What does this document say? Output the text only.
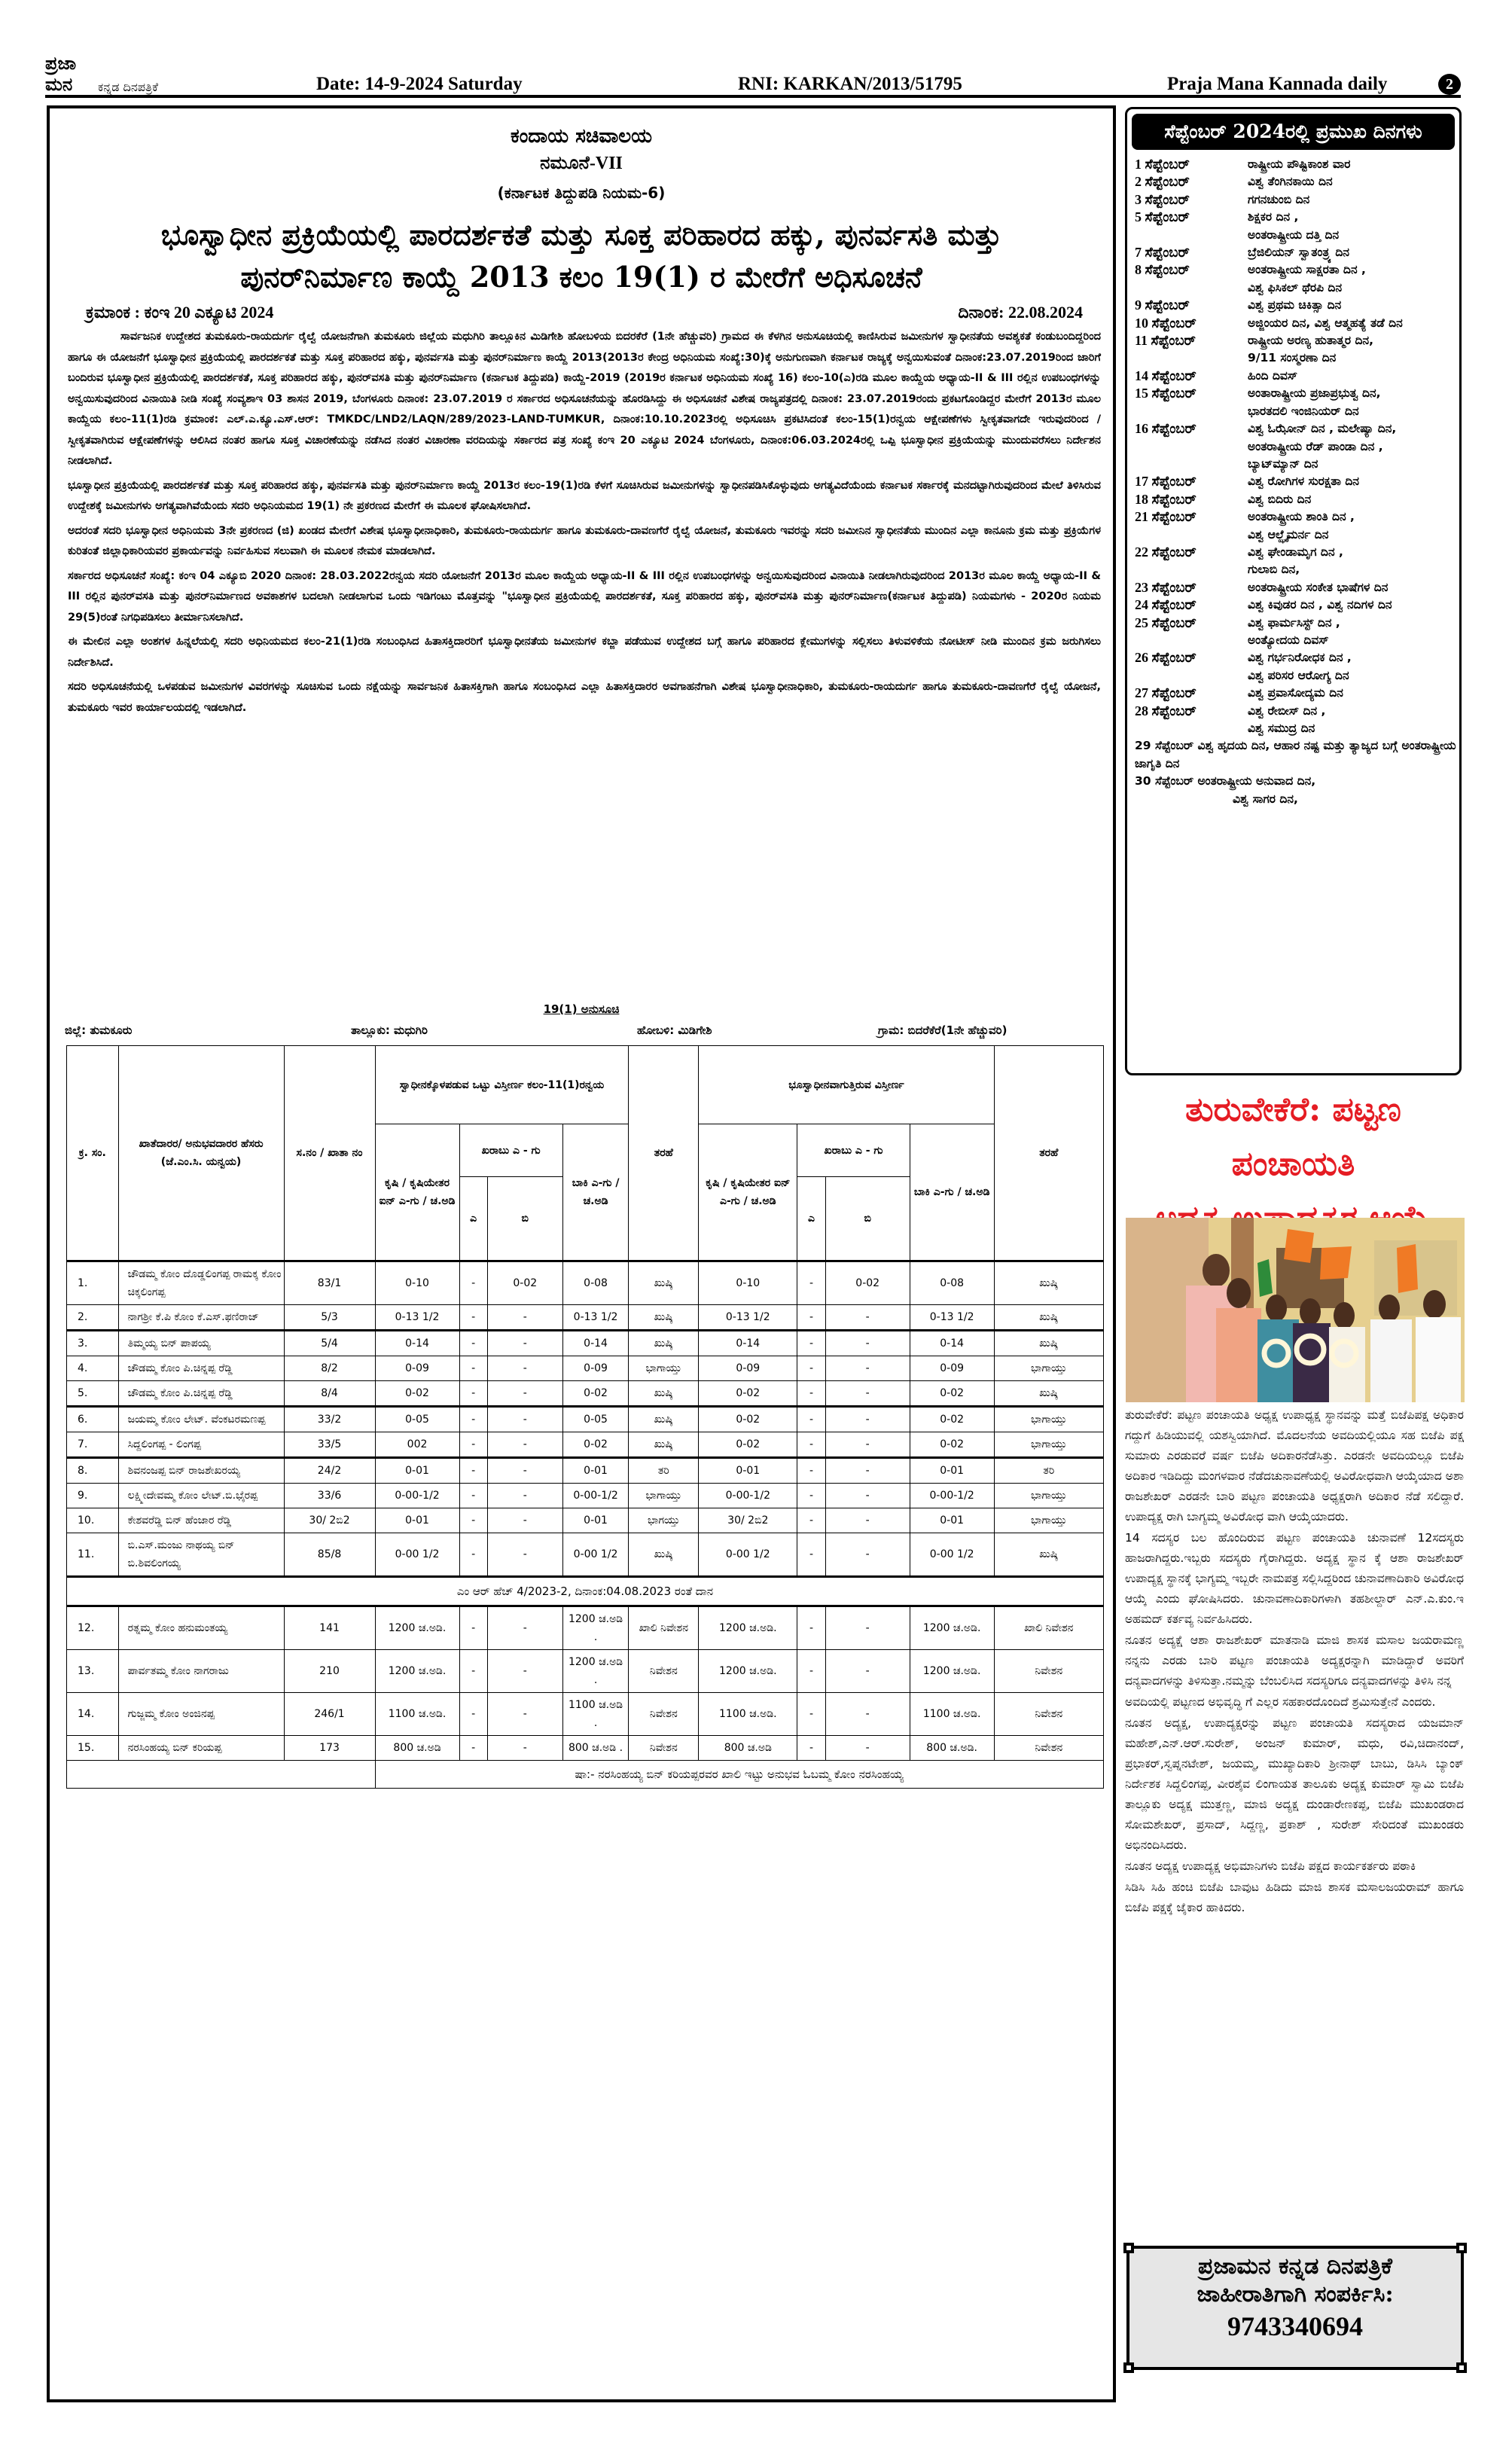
ಪ್ರಜಾ ಮನ	ಕನ್ನಡ ದಿನಪತ್ರಿಕೆ	Date: 14-9-2024 Saturday	RNI: KARKAN/2013/51795	Praja Mana Kannada daily	2
ಕಂದಾಯ ಸಚಿವಾಲಯ
ನಮೂನೆ-VII
(ಕರ್ನಾಟಕ ತಿದ್ದುಪಡಿ ನಿಯಮ-6)
ಭೂಸ್ವಾಧೀನ ಪ್ರಕ್ರಿಯೆಯಲ್ಲಿ ಪಾರದರ್ಶಕತೆ ಮತ್ತು ಸೂಕ್ತ ಪರಿಹಾರದ ಹಕ್ಕು, ಪುನರ್ವಸತಿ ಮತ್ತು
ಪುನರ್‌ನಿರ್ಮಾಣ ಕಾಯ್ದೆ 2013 ಕಲಂ 19(1) ರ ಮೇರೆಗೆ ಅಧಿಸೂಚನೆ
ಕ್ರಮಾಂಕ : ಕಂಇ 20 ಎಕ್ಯೂಟಿ 2024	ದಿನಾಂಕ: 22.08.2024

ಸಾರ್ವಜನಿಕ ಉದ್ದೇಶದ ತುಮಕೂರು-ರಾಯದುರ್ಗ ರೈಲ್ವೆ ಯೋಜನೆಗಾಗಿ ತುಮಕೂರು ಜಿಲ್ಲೆಯ ಮಧುಗಿರಿ ತಾಲ್ಲೂಕಿನ ಮಿಡಿಗೇಶಿ ಹೋಬಳಿಯ ಬಿದರಕೆರೆ (1ನೇ ಹೆಚ್ಚುವರಿ) ಗ್ರಾಮದ ಈ ಕೆಳಗಿನ ಅನುಸೂಚಿಯಲ್ಲಿ ಕಾಣಿಸಿರುವ ಜಮೀನುಗಳ ಸ್ವಾಧೀನತೆಯ ಅವಶ್ಯಕತೆ ಕಂಡುಬಂದಿದ್ದರಿಂದ ಹಾಗೂ ಈ ಯೋಜನೆಗೆ ಭೂಸ್ವಾಧೀನ ಪ್ರಕ್ರಿಯೆಯಲ್ಲಿ ಪಾರದರ್ಶಕತೆ ಮತ್ತು ಸೂಕ್ತ ಪರಿಹಾರದ ಹಕ್ಕು, ಪುನರ್ವಸತಿ ಮತ್ತು ಪುನರ್‌ನಿರ್ಮಾಣ ಕಾಯ್ದೆ 2013(2013ರ ಕೇಂದ್ರ ಅಧಿನಿಯಮ ಸಂಖ್ಯೆ:30)ಕ್ಕೆ ಅನುಗುಣವಾಗಿ ಕರ್ನಾಟಕ ರಾಜ್ಯಕ್ಕೆ ಅನ್ವಯಿಸುವಂತೆ ದಿನಾಂಕ:23.07.2019ರಿಂದ ಜಾರಿಗೆ ಬಂದಿರುವ ಭೂಸ್ವಾಧೀನ ಪ್ರಕ್ರಿಯೆಯಲ್ಲಿ ಪಾರದರ್ಶಕತೆ, ಸೂಕ್ತ ಪರಿಹಾರದ ಹಕ್ಕು, ಪುನರ್‌ವಸತಿ ಮತ್ತು ಪುನರ್‌ನಿರ್ಮಾಣ (ಕರ್ನಾಟಕ ತಿದ್ದುಪಡಿ) ಕಾಯ್ದೆ-2019 (2019ರ ಕರ್ನಾಟಕ ಅಧಿನಿಯಮ ಸಂಖ್ಯೆ 16) ಕಲಂ-10(ಎ)ರಡಿ ಮೂಲ ಕಾಯ್ದೆಯ ಅಧ್ಯಾಯ-II & III ರಲ್ಲಿನ ಉಪಬಂಧಗಳನ್ನು ಅನ್ವಯಿಸುವುದರಿಂದ ವಿನಾಯಿತಿ ನೀಡಿ ಸಂಖ್ಯೆ ಸಂವ್ಯಶಾಇ 03 ಶಾಸನ 2019, ಬೆಂಗಳೂರು ದಿನಾಂಕ: 23.07.2019 ರ ಸರ್ಕಾರದ ಅಧಿಸೂಚನೆಯನ್ನು ಹೊರಡಿಸಿದ್ದು ಈ ಅಧಿಸೂಚನೆ ವಿಶೇಷ ರಾಜ್ಯಪತ್ರದಲ್ಲಿ ದಿನಾಂಕ: 23.07.2019ರಂದು ಪ್ರಕಟಗೊಂಡಿದ್ದರ ಮೇರೆಗೆ 2013ರ ಮೂಲ ಕಾಯ್ದೆಯ ಕಲಂ-11(1)ರಡಿ ಕ್ರಮಾಂಕ: ಎಲ್.ಎ.ಕ್ಯೂ.ಎಸ್.ಆರ್: TMKDC/LND2/LAQN/289/2023-LAND-TUMKUR, ದಿನಾಂಕ:10.10.2023ರಲ್ಲಿ ಅಧಿಸೂಚಿಸಿ ಪ್ರಕಟಿಸಿದಂತೆ ಕಲಂ-15(1)ರನ್ವಯ ಆಕ್ಷೇಪಣೆಗಳು ಸ್ವೀಕೃತವಾಗದೇ ಇರುವುದರಿಂದ / ಸ್ವೀಕೃತವಾಗಿರುವ ಆಕ್ಷೇಪಣೆಗಳನ್ನು ಆಲಿಸಿದ ನಂತರ ಹಾಗೂ ಸೂಕ್ತ ವಿಚಾರಣೆಯನ್ನು ನಡೆಸಿದ ನಂತರ ವಿಚಾರಣಾ ವರದಿಯನ್ನು ಸರ್ಕಾರದ ಪತ್ರ ಸಂಖ್ಯೆ ಕಂಇ 20 ಎಕ್ಯೂಟಿ 2024 ಬೆಂಗಳೂರು, ದಿನಾಂಕ:06.03.2024ರಲ್ಲಿ ಒಪ್ಪಿ ಭೂಸ್ವಾಧೀನ ಪ್ರಕ್ರಿಯೆಯನ್ನು ಮುಂದುವರೆಸಲು ನಿರ್ದೇಶನ ನೀಡಲಾಗಿದೆ.

ಭೂಸ್ವಾಧೀನ ಪ್ರಕ್ರಿಯೆಯಲ್ಲಿ ಪಾರದರ್ಶಕತೆ ಮತ್ತು ಸೂಕ್ತ ಪರಿಹಾರದ ಹಕ್ಕು, ಪುನರ್ವಸತಿ ಮತ್ತು ಪುನರ್‌ನಿರ್ಮಾಣ ಕಾಯ್ದೆ 2013ರ ಕಲಂ-19(1)ರಡಿ ಕೆಳಗೆ ಸೂಚಿಸಿರುವ ಜಮೀನುಗಳನ್ನು ಸ್ವಾಧೀನಪಡಿಸಿಕೊಳ್ಳುವುದು ಅಗತ್ಯವಿದೆಯೆಂದು ಕರ್ನಾಟಕ ಸರ್ಕಾರಕ್ಕೆ ಮನದಟ್ಟಾಗಿರುವುದರಿಂದ ಮೇಲೆ ತಿಳಿಸಿರುವ ಉದ್ದೇಶಕ್ಕೆ ಜಮೀನುಗಳು ಅಗತ್ಯವಾಗಿವೆಯೆಂದು ಸದರಿ ಅಧಿನಿಯಮದ 19(1) ನೇ ಪ್ರಕರಣದ ಮೇರೆಗೆ ಈ ಮೂಲಕ ಘೋಷಿಸಲಾಗಿದೆ.

ಅದರಂತೆ ಸದರಿ ಭೂಸ್ವಾಧೀನ ಅಧಿನಿಯಮ 3ನೇ ಪ್ರಕರಣದ (ಜಿ) ಖಂಡದ ಮೇರೆಗೆ ವಿಶೇಷ ಭೂಸ್ವಾಧೀನಾಧಿಕಾರಿ, ತುಮಕೂರು-ರಾಯದುರ್ಗ ಹಾಗೂ ತುಮಕೂರು-ದಾವಣಗೆರೆ ರೈಲ್ವೆ ಯೋಜನೆ, ತುಮಕೂರು ಇವರನ್ನು ಸದರಿ ಜಮೀನಿನ ಸ್ವಾಧೀನತೆಯ ಮುಂದಿನ ಎಲ್ಲಾ ಕಾನೂನು ಕ್ರಮ ಮತ್ತು ಪ್ರಕ್ರಿಯೆಗಳ ಕುರಿತಂತೆ ಜಿಲ್ಲಾಧಿಕಾರಿಯವರ ಪ್ರಕಾರ್ಯವನ್ನು ನಿರ್ವಹಿಸುವ ಸಲುವಾಗಿ ಈ ಮೂಲಕ ನೇಮಕ ಮಾಡಲಾಗಿದೆ.

ಸರ್ಕಾರದ ಅಧಿಸೂಚನೆ ಸಂಖ್ಯೆ: ಕಂಇ 04 ಎಕ್ಯೂಬಿ 2020 ದಿನಾಂಕ: 28.03.2022ರನ್ವಯ ಸದರಿ ಯೋಜನೆಗೆ 2013ರ ಮೂಲ ಕಾಯ್ದೆಯ ಅಧ್ಯಾಯ-II & III ರಲ್ಲಿನ ಉಪಬಂಧಗಳನ್ನು ಅನ್ವಯಿಸುವುದರಿಂದ ವಿನಾಯಿತಿ ನೀಡಲಾಗಿರುವುದರಿಂದ 2013ರ ಮೂಲ ಕಾಯ್ದೆ ಅಧ್ಯಾಯ-II & III ರಲ್ಲಿನ ಪುನರ್‌ವಸತಿ ಮತ್ತು ಪುನರ್‌ನಿರ್ಮಾಣದ ಅವಕಾಶಗಳ ಬದಲಾಗಿ ನೀಡಲಾಗುವ ಒಂದು ಇಡಿಗಂಟು ಮೊತ್ತವನ್ನು "ಭೂಸ್ವಾಧೀನ ಪ್ರಕ್ರಿಯೆಯಲ್ಲಿ ಪಾರದರ್ಶಕತೆ, ಸೂಕ್ತ ಪರಿಹಾರದ ಹಕ್ಕು, ಪುನರ್‌ವಸತಿ ಮತ್ತು ಪುನರ್‌ನಿರ್ಮಾಣ(ಕರ್ನಾಟಕ ತಿದ್ದುಪಡಿ) ನಿಯಮಗಳು - 2020ರ ನಿಯಮ 29(5)ರಂತೆ ನಿಗಧಿಪಡಿಸಲು ತೀರ್ಮಾನಿಸಲಾಗಿದೆ.

ಈ ಮೇಲಿನ ಎಲ್ಲಾ ಅಂಶಗಳ ಹಿನ್ನಲೆಯಲ್ಲಿ ಸದರಿ ಅಧಿನಿಯಮದ ಕಲಂ-21(1)ರಡಿ ಸಂಬಂಧಿಸಿದ ಹಿತಾಸಕ್ತಿದಾರರಿಗೆ ಭೂಸ್ವಾಧೀನತೆಯ ಜಮೀನುಗಳ ಕಬ್ಜಾ ಪಡೆಯುವ ಉದ್ದೇಶದ ಬಗ್ಗೆ ಹಾಗೂ ಪರಿಹಾರದ ಕ್ಲೇಮುಗಳನ್ನು ಸಲ್ಲಿಸಲು ತಿಳುವಳಿಕೆಯ ನೋಟೀಸ್ ನೀಡಿ ಮುಂದಿನ ಕ್ರಮ ಜರುಗಿಸಲು ನಿರ್ದೇಶಿಸಿದೆ.

ಸದರಿ ಅಧಿಸೂಚನೆಯಲ್ಲಿ ಒಳಪಡುವ ಜಮೀನುಗಳ ವಿವರಗಳನ್ನು ಸೂಚಿಸುವ ಒಂದು ನಕ್ಷೆಯನ್ನು ಸಾರ್ವಜನಿಕ ಹಿತಾಸಕ್ತಿಗಾಗಿ ಹಾಗೂ ಸಂಬಂಧಿಸಿದ ಎಲ್ಲಾ ಹಿತಾಸಕ್ತಿದಾರರ ಅವಗಾಹನೆಗಾಗಿ ವಿಶೇಷ ಭೂಸ್ವಾಧೀನಾಧಿಕಾರಿ, ತುಮಕೂರು-ರಾಯದುರ್ಗ ಹಾಗೂ ತುಮಕೂರು-ದಾವಣಗೆರೆ ರೈಲ್ವೆ ಯೋಜನೆ, ತುಮಕೂರು ಇವರ ಕಾರ್ಯಾಲಯದಲ್ಲಿ ಇಡಲಾಗಿದೆ.

19(1) ಅನುಸೂಚಿ
ಜಿಲ್ಲೆ: ತುಮಕೂರು	ತಾಲ್ಲೂಕು: ಮಧುಗಿರಿ	ಹೋಬಳಿ: ಮಿಡಿಗೇಶಿ	ಗ್ರಾಮ: ಬಿದರೆಕೆರೆ(1ನೇ ಹೆಚ್ಚುವರಿ)
ಕ್ರ. ಸಂ.	ಖಾತೆದಾರರ/ ಅನುಭವದಾರರ ಹೆಸರು (ಜೆ.ಎಂ.ಸಿ. ಯನ್ವಯ)	ಸ.ನಂ / ಖಾತಾ ನಂ	ಸ್ವಾಧೀನಕ್ಕೊಳಪಡುವ ಒಟ್ಟು ವಿಸ್ತೀರ್ಣ ಕಲಂ-11(1)ರನ್ವಯ				ತರಹೆ	ಭೂಸ್ವಾಧೀನವಾಗುತ್ತಿರುವ ವಿಸ್ತೀರ್ಣ				ತರಹೆ
			ಕೃಷಿ / ಕೃಷಿಯೇತರ ಐನ್ ಎ-ಗು / ಚ.ಅಡಿ	ಖರಾಬು ಎ - ಗು		ಬಾಕಿ ಎ-ಗು / ಚ.ಅಡಿ		ಕೃಷಿ / ಕೃಷಿಯೇತರ ಐನ್ ಎ-ಗು / ಚ.ಅಡಿ	ಖರಾಬು ಎ - ಗು		ಬಾಕಿ ಎ-ಗು / ಚ.ಅಡಿ	
				ಎ	ಬಿ				ಎ	ಬಿ		
1.	ಚೌಡಮ್ಮ ಕೋಂ ದೊಡ್ಡಲಿಂಗಪ್ಪ ರಾಮಕ್ಕ ಕೋಂ ಚಿಕ್ಕಲಿಂಗಪ್ಪ	83/1	0-10	-	0-02	0-08	ಖುಷ್ಕಿ	0-10	-	0-02	0-08	ಖುಷ್ಕಿ
2.	ನಾಗಶ್ರೀ ಕೆ.ಪಿ ಕೋಂ ಕೆ.ಎಸ್.ಫಣಿರಾಜ್	5/3	0-13 1/2	-	-	0-13 1/2	ಖುಷ್ಕಿ	0-13 1/2	-	-	0-13 1/2	ಖುಷ್ಕಿ
3.	ತಿಮ್ಮಯ್ಯ ಬಿನ್ ಪಾಪಯ್ಯ	5/4	0-14	-	-	0-14	ಖುಷ್ಕಿ	0-14	-	-	0-14	ಖುಷ್ಕಿ
4.	ಚೌಡಮ್ಮ ಕೋಂ ಪಿ.ಚಿನ್ನಪ್ಪ ರೆಡ್ಡಿ	8/2	0-09	-	-	0-09	ಭಾಗಾಯ್ತು	0-09	-	-	0-09	ಭಾಗಾಯ್ತು
5.	ಚೌಡಮ್ಮ ಕೋಂ ಪಿ.ಚಿನ್ನಪ್ಪ ರೆಡ್ಡಿ	8/4	0-02	-	-	0-02	ಖುಷ್ಕಿ	0-02	-	-	0-02	ಖುಷ್ಕಿ
6.	ಜಯಮ್ಮ ಕೋಂ ಲೇಟ್. ವೆಂಕಟರಮಣಪ್ಪ	33/2	0-05	-	-	0-05	ಖುಷ್ಕಿ	0-02	-	-	0-02	ಭಾಗಾಯ್ತು
7.	ಸಿದ್ದಲಿಂಗಪ್ಪ - ಲಿಂಗಪ್ಪ	33/5	002	-	-	0-02	ಖುಷ್ಕಿ	0-02	-	-	0-02	ಭಾಗಾಯ್ತು
8.	ಶಿವನಂಜಪ್ಪ ಬಿನ್ ರಾಜಶೇಖರಯ್ಯ	24/2	0-01	-	-	0-01	ತರಿ	0-01	-	-	0-01	ತರಿ
9.	ಲಕ್ಷ್ಮೀದೇವಮ್ಮ ಕೋಂ ಲೇಟ್.ಬಿ.ಭೈರಪ್ಪ	33/6	0-00-1/2	-	-	0-00-1/2	ಭಾಗಾಯ್ತು	0-00-1/2	-	-	0-00-1/2	ಭಾಗಾಯ್ತು
10.	ಕೇಶವರೆಡ್ಡಿ ಬಿನ್ ಹೆಂಜಾರ ರೆಡ್ಡಿ	30/ 2ಬಿ2	0-01	-	-	0-01	ಭಾಗಯ್ತು	30/ 2ಬಿ2	-	-	0-01	ಭಾಗಾಯ್ತು
11.	ಬಿ.ಎಸ್.ಮಂಜು ನಾಥಯ್ಯ ಬಿನ್ ಬಿ.ಶಿವಲಿಂಗಯ್ಯ	85/8	0-00 1/2	-	-	0-00 1/2	ಖುಷ್ಕಿ	0-00 1/2	-	-	0-00 1/2	ಖುಷ್ಕಿ
ಎಂ ಆರ್ ಹೆಚ್ 4/2023-2, ದಿನಾಂಕ:04.08.2023 ರಂತೆ ದಾನ												
12.	ರತ್ನಮ್ಮ ಕೋಂ ಹನುಮಂತಯ್ಯ	141	1200 ಚ.ಅಡಿ.	-	-	1200 ಚ.ಅಡಿ .	ಖಾಲಿ ನಿವೇಶನ	1200 ಚ.ಅಡಿ.	-	-	1200 ಚ.ಅಡಿ.	ಖಾಲಿ ನಿವೇಶನ
13.	ಪಾರ್ವತಮ್ಮ ಕೋಂ ನಾಗರಾಜು	210	1200 ಚ.ಅಡಿ.	-	-	1200 ಚ.ಅಡಿ .	ನಿವೇಶನ	1200 ಚ.ಅಡಿ.	-	-	1200 ಚ.ಅಡಿ.	ನಿವೇಶನ
14.	ಗುಜ್ಜಮ್ಮ ಕೋಂ ಅಂಜಿನಪ್ಪ	246/1	1100 ಚ.ಅಡಿ.	-	-	1100 ಚ.ಅಡಿ .	ನಿವೇಶನ	1100 ಚ.ಅಡಿ.	-	-	1100 ಚ.ಅಡಿ.	ನಿವೇಶನ
15.	ನರಸಿಂಹಯ್ಯ ಬಿನ್ ಕರಿಯಪ್ಪ	173	800 ಚ.ಅಡಿ	-	-	800 ಚ.ಅಡಿ .	ನಿವೇಶನ	800 ಚ.ಅಡಿ	-	-	800 ಚ.ಅಡಿ.	ನಿವೇಶನ
			ಷಾ:- ನರಸಿಂಹಯ್ಯ ಬಿನ್ ಕರಿಯಪ್ಪರವರ ಖಾಲಿ ಇಟ್ಟು ಅನುಭವ ಓಬಮ್ಮ ಕೋಂ ನರಸಿಂಹಯ್ಯ									
ಸೆಪ್ಟೆಂಬರ್ 2024ರಲ್ಲಿ ಪ್ರಮುಖ ದಿನಗಳು
1 ಸೆಪ್ಟೆಂಬರ್	ರಾಷ್ಟ್ರೀಯ ಪೌಷ್ಟಿಕಾಂಶ ವಾರ
2 ಸೆಪ್ಟೆಂಬರ್	ವಿಶ್ವ ತೆಂಗಿನಕಾಯಿ ದಿನ
3 ಸೆಪ್ಟೆಂಬರ್	ಗಗನಚುಂಬಿ ದಿನ
5 ಸೆಪ್ಟೆಂಬರ್	ಶಿಕ್ಷಕರ ದಿನ ,
ಅಂತರಾಷ್ಟ್ರೀಯ ದತ್ತಿ ದಿನ
7 ಸೆಪ್ಟೆಂಬರ್	ಬ್ರೆಜಿಲಿಯನ್ ಸ್ವಾತಂತ್ರ್ಯ ದಿನ
8 ಸೆಪ್ಟೆಂಬರ್	ಅಂತರಾಷ್ಟ್ರೀಯ ಸಾಕ್ಷರತಾ ದಿನ ,
ವಿಶ್ವ ಫಿಸಿಕಲ್ ಥೆರಪಿ ದಿನ
9 ಸೆಪ್ಟೆಂಬರ್	ವಿಶ್ವ ಪ್ರಥಮ ಚಿಕಿತ್ಸಾ ದಿನ
10 ಸೆಪ್ಟೆಂಬರ್	ಅಜ್ಜಿಂಯರ ದಿನ, ವಿಶ್ವ ಆತ್ಮಹತ್ಯೆ ತಡೆ ದಿನ
11 ಸೆಪ್ಟೆಂಬರ್	ರಾಷ್ಟ್ರೀಯ ಅರಣ್ಯ ಹುತಾತ್ಮರ ದಿನ,
9/11 ಸಂಸ್ಮರಣಾ ದಿನ
14 ಸೆಪ್ಟೆಂಬರ್	ಹಿಂದಿ ದಿವಸ್
15 ಸೆಪ್ಟೆಂಬರ್	ಅಂತಾರಾಷ್ಟ್ರೀಯ ಪ್ರಜಾಪ್ರಭುತ್ವ ದಿನ,
ಭಾರತದಲಿ ಇಂಜಿನಿಯರ್ ದಿನ
16 ಸೆಪ್ಟೆಂಬರ್	ವಿಶ್ವ ಓಝೋನ್ ದಿನ , ಮಲೇಷ್ಯಾ ದಿನ,
ಅಂತರಾಷ್ಟ್ರೀಯ ರೆಡ್ ಪಾಂಡಾ ದಿನ ,
ಬ್ಯಾಟ್‌ಮ್ಯಾನ್ ದಿನ
17 ಸೆಪ್ಟೆಂಬರ್	ವಿಶ್ವ ರೋಗಿಗಳ ಸುರಕ್ಷತಾ ದಿನ
18 ಸೆಪ್ಟೆಂಬರ್	ವಿಶ್ವ ಬಿದಿರು ದಿನ
21 ಸೆಪ್ಟೆಂಬರ್	ಅಂತರಾಷ್ಟ್ರೀಯ ಶಾಂತಿ ದಿನ ,
ವಿಶ್ವ ಆಲ್ಝೈಮರ್ನ ದಿನ
22 ಸೆಪ್ಟೆಂಬರ್	ವಿಶ್ವ ಘೇಂಡಾಮೃಗ ದಿನ ,
ಗುಲಾಬಿ ದಿನ,
23 ಸೆಪ್ಟೆಂಬರ್	ಅಂತರಾಷ್ಟ್ರೀಯ ಸಂಕೇತ ಭಾಷೆಗಳ ದಿನ
24 ಸೆಪ್ಟೆಂಬರ್	ವಿಶ್ವ ಕಿವುಡರ ದಿನ , ವಿಶ್ವ ನದಿಗಳ ದಿನ
25 ಸೆಪ್ಟೆಂಬರ್	ವಿಶ್ವ ಫಾರ್ಮಸಿಸ್ಟ್ ದಿನ ,
ಅಂತ್ಯೋದಯ ದಿವಸ್
26 ಸೆಪ್ಟೆಂಬರ್	ವಿಶ್ವ ಗರ್ಭನಿರೋಧಕ ದಿನ ,
ವಿಶ್ವ ಪರಿಸರ ಆರೋಗ್ಯ ದಿನ
27 ಸೆಪ್ಟೆಂಬರ್	ವಿಶ್ವ ಪ್ರವಾಸೋದ್ಯಮ ದಿನ
28 ಸೆಪ್ಟೆಂಬರ್	ವಿಶ್ವ ರೇಬೀಸ್ ದಿನ ,
ವಿಶ್ವ ಸಮುದ್ರ ದಿನ
29 ಸೆಪ್ಟೆಂಬರ್ ವಿಶ್ವ ಹೃದಯ ದಿನ, ಆಹಾರ ನಷ್ಟ ಮತ್ತು ತ್ಯಾಜ್ಯದ ಬಗ್ಗೆ ಅಂತರಾಷ್ಟ್ರೀಯ ಜಾಗೃತಿ ದಿನ
30 ಸೆಪ್ಟೆಂಬರ್ ಅಂತರಾಷ್ಟ್ರೀಯ ಅನುವಾದ ದಿನ,
ವಿಶ್ವ ಸಾಗರ ದಿನ,
ತುರುವೇಕೆರೆ: ಪಟ್ಟಣ ಪಂಚಾಯತಿ

ತುರುವೇಕೆರೆ: ಪಟ್ಟಣ ಪಂಚಾಯತಿ ಅಧ್ಯಕ್ಷ ಉಪಾಧ್ಯಕ್ಷ ಸ್ಥಾನವನ್ನು ಮತ್ತೆ ಬಿಜೆಪಿಪಕ್ಷ ಅಧಿಕಾರ ಗದ್ದುಗೆ ಹಿಡಿಯುವಲ್ಲಿ ಯಶಸ್ವಿಯಾಗಿದೆ. ಮೊದಲನೆಯ ಅವದಿಯಲ್ಲಿಯೂ ಸಹ ಬಿಜೆಪಿ ಪಕ್ಷ ಸುಮಾರು ಎರಡುವರೆ ವರ್ಷ ಬಿಜೆಪಿ ಅದಿಕಾರನೆಡೆಸಿತ್ತು. ಎರಡನೇ ಅವದಿಯಲ್ಲೂ ಬಿಜೆಪಿ ಅದಿಕಾರ ಇಡಿದಿದ್ದು ಮಂಗಳವಾರ ನೆಡೆದಚುನಾವಣೆಯಲ್ಲಿ ಅವಿರೋಧವಾಗಿ ಆಯ್ಕೆಯಾದ ಅಶಾ ರಾಜಶೇಖರ್ ಎರಡನೇ ಬಾರಿ ಪಟ್ಟಣ ಪಂಚಾಯತಿ ಅಧ್ಯಕ್ಷರಾಗಿ ಅದಿಕಾರ ನೆಡೆ ಸಲಿದ್ದಾರೆ. ಉಪಾದ್ಯಕ್ಷ ರಾಗಿ ಬಾಗ್ಯಮ್ಮ ಅವಿರೋಧ ವಾಗಿ ಆಯ್ಕೆಯಾದರು.

14 ಸದಸ್ಯರ ಬಲ ಹೊಂದಿರುವ ಪಟ್ಟಣ ಪಂಚಾಯತಿ ಚುನಾವಣೆ 12ಸದಸ್ಯರು ಹಾಜರಾಗಿದ್ದರು.ಇಬ್ಬರು ಸದಸ್ಯರು ಗೈರಾಗಿದ್ದರು. ಅದ್ಯಕ್ಷ ಸ್ಥಾನ ಕ್ಕೆ ಆಶಾ ರಾಜಶೇಖರ್ ಉಪಾದ್ಯಕ್ಷ ಸ್ಥಾನಕ್ಕೆ ಭಾಗ್ಯಮ್ಮ ಇಬ್ಬರೇ ನಾಮಪತ್ರ ಸಲ್ಲಿಸಿದ್ದರಿಂದ ಚುನಾವಣಾದಿಕಾರಿ ಅವಿರೋಧ ಆಯ್ಕೆ ಎಂದು ಘೋಷಿಸಿದರು. ಚುನಾವಣಾದಿಕಾರಿಗಳಾಗಿ ತಹಶೀಲ್ದಾರ್ ಎನ್.ಎ.ಕುಂ.ಇ ಅಹಮದ್ ಕರ್ತವ್ಯ ನಿರ್ವಹಿಸಿದರು.

ನೂತನ ಅದ್ಯಕ್ಷೆ ಆಶಾ ರಾಜಶೇಖರ್ ಮಾತನಾಡಿ ಮಾಜಿ ಶಾಸಕ ಮಸಾಲ ಜಯರಾಮಣ್ಣ ನನ್ನನು ಎರಡು ಬಾರಿ ಪಟ್ಟಣ ಪಂಚಾಯತಿ ಅದ್ಯಕ್ಷರನ್ನಾಗಿ ಮಾಡಿದ್ದಾರೆ ಅವರಿಗೆ ದನ್ಯವಾದಗಳನ್ನು ತಿಳಿಸುತ್ತಾ.ನಮ್ಮನ್ನು ಬೆಂಬಲಿಸಿದ ಸದಸ್ಯರಿಗೂ ದನ್ಯವಾದಗಳನ್ನು ತಿಳಿಸಿ ನನ್ನ

ಅವದಿಯಲ್ಲಿ ಪಟ್ಟಣದ ಅಭಿವೃದ್ಧಿ ಗೆ ಎಲ್ಲರ ಸಹಕಾರದೊಂದಿದೆ ಶ್ರಮಿಸುತ್ತೇನೆ ಎಂದರು.

ನೂತನ ಅದ್ಯಕ್ಷ, ಉಪಾದ್ಯಕ್ಷರನ್ನು ಪಟ್ಟಣ ಪಂಚಾಯತಿ ಸದಸ್ಯರಾದ ಯಜಮಾನ್ ಮಹೇಶ್,ಎನ್.ಆರ್.ಸುರೇಶ್, ಅಂಜನ್ ಕುಮಾರ್, ಮಧು, ರವಿ,ಚಿದಾನಂದ್, ಪ್ರಭಾಕರ್,ಸ್ವಪ್ನನಟೇಶ್, ಜಯಮ್ಮ, ಮುಖ್ಯಾದಿಕಾರಿ ಶ್ರೀನಾಥ್ ಬಾಬು, ಡಿಸಿಸಿ ಬ್ಯಾಂಕ್ ನಿರ್ದೇಶಕ ಸಿದ್ದಲಿಂಗಪ್ಪ, ವೀರಶೈವ ಲಿಂಗಾಯತ ತಾಲೂಕು ಅದ್ಯಕ್ಷ ಕುಮಾರ್ ಸ್ವಾಮಿ ಬಿಜೆಪಿ ತಾಲ್ಲೂಕು ಅದ್ಯಕ್ಷ ಮುತ್ತಣ್ಣ, ಮಾಜಿ ಅದ್ಯಕ್ಷ ದುಂಡಾರೇಣಕಪ್ಪ, ಬಿಜೆಪಿ ಮುಖಂಡರಾದ ಸೋಮಶೇಖರ್, ಪ್ರಸಾದ್, ಸಿದ್ದಣ್ಣ, ಪ್ರಕಾಶ್ , ಸುರೇಶ್ ಸೇರಿದಂತೆ ಮುಖಂಡರು ಅಭಿನಂದಿಸಿದರು.

ನೂತನ ಅದ್ಯಕ್ಷ ಉಪಾದ್ಯಕ್ಷ ಅಭಿಮಾನಿಗಳು ಬಿಜೆಪಿ ಪಕ್ಷದ ಕಾರ್ಯಕರ್ತರು ಪಠಾಕಿ

ಸಿಡಿಸಿ ಸಿಹಿ ಹಂಚಿ ಬಿಜೆಪಿ ಬಾವುಟ ಹಿಡಿದು ಮಾಜಿ ಶಾಸಕ ಮಸಾಲಜಯರಾಮ್ ಹಾಗೂ ಬಿಜೆಪಿ ಪಕ್ಷಕ್ಕೆ ಜೈಕಾರ ಹಾಕಿದರು.

ಪ್ರಜಾಮನ ಕನ್ನಡ ದಿನಪತ್ರಿಕೆ
ಜಾಹೀರಾತಿಗಾಗಿ ಸಂಪರ್ಕಿಸಿ:
9743340694
